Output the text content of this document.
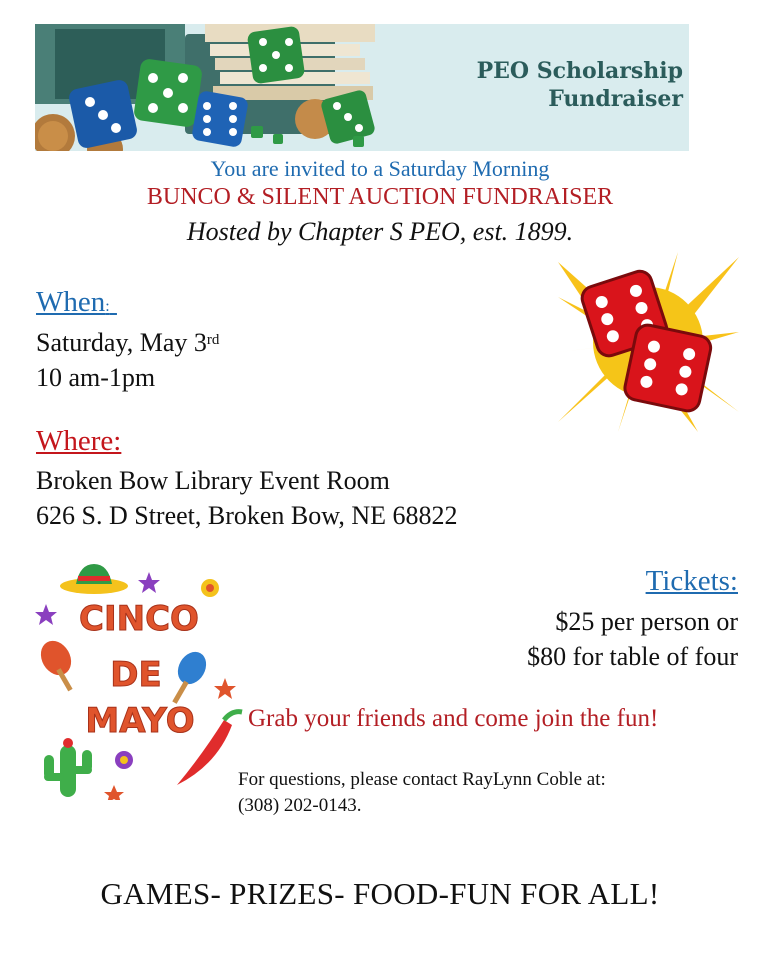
PEO Scholarship
Fundraiser
You are invited to a Saturday Morning
BUNCO & SILENT AUCTION FUNDRAISER
Hosted by Chapter S PEO, est. 1899.
When:
Saturday, May 3rd
10 am-1pm
Where:
Broken Bow Library Event Room
626 S. D Street, Broken Bow, NE 68822
CINCO
DE
MAYO
Tickets:
$25 per person or
$80 for table of four
Grab your friends and come join the fun!
For questions, please contact RayLynn Coble at:
(308) 202-0143.
GAMES- PRIZES- FOOD-FUN FOR ALL!
